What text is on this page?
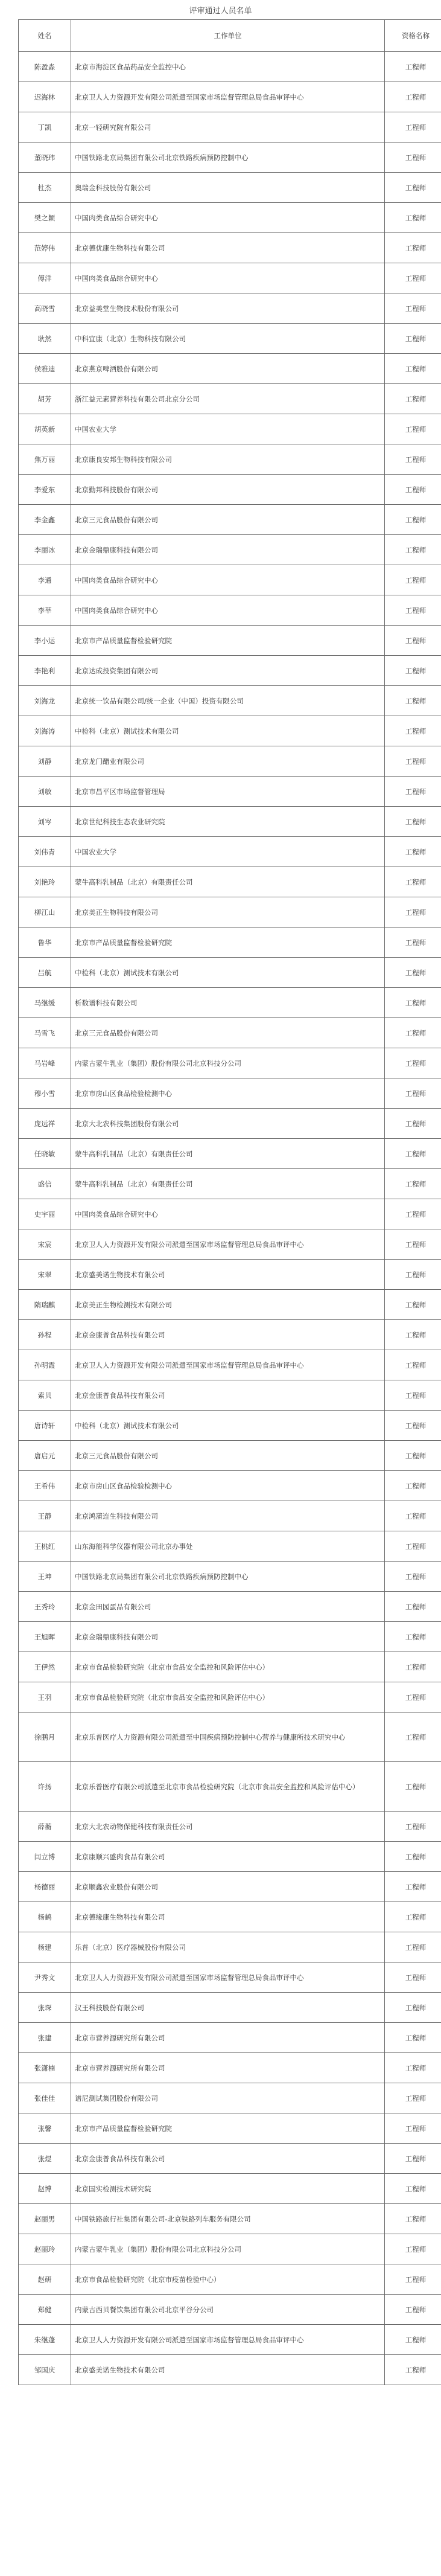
评审通过人员名单
姓名	工作单位	资格名称
陈盈淼	北京市海淀区食品药品安全监控中心	工程师
迟海林	北京卫人人力资源开发有限公司派遣至国家市场监督管理总局食品审评中心	工程师
丁凯	北京一轻研究院有限公司	工程师
董晓玮	中国铁路北京局集团有限公司北京铁路疾病预防控制中心	工程师
杜杰	奥瑞金科技股份有限公司	工程师
樊之颖	中国肉类食品综合研究中心	工程师
范婷伟	北京德优康生物科技有限公司	工程师
傅洋	中国肉类食品综合研究中心	工程师
高晓雪	北京益美堂生物技术股份有限公司	工程师
耿然	中科宜康（北京）生物科技有限公司	工程师
侯雅迪	北京燕京啤酒股份有限公司	工程师
胡芳	浙江益元素营养科技有限公司北京分公司	工程师
胡英新	中国农业大学	工程师
焦万丽	北京康良安邦生物科技有限公司	工程师
李爱东	北京勤邦科技股份有限公司	工程师
李金鑫	北京三元食品股份有限公司	工程师
李丽冰	北京金瑞鼎康科技有限公司	工程师
李通	中国肉类食品综合研究中心	工程师
李莘	中国肉类食品综合研究中心	工程师
李小运	北京市产品质量监督检验研究院	工程师
李艳利	北京达成投资集团有限公司	工程师
刘海龙	北京统一饮品有限公司/统一企业（中国）投资有限公司	工程师
刘海涛	中检科（北京）测试技术有限公司	工程师
刘静	北京龙门醋业有限公司	工程师
刘敏	北京市昌平区市场监督管理局	工程师
刘岑	北京世纪科技生态农业研究院	工程师
刘伟青	中国农业大学	工程师
刘艳玲	蒙牛高科乳制品（北京）有限责任公司	工程师
柳江山	北京美正生物科技有限公司	工程师
鲁华	北京市产品质量监督检验研究院	工程师
吕航	中检科（北京）测试技术有限公司	工程师
马继缓	析数谱科技有限公司	工程师
马雪飞	北京三元食品股份有限公司	工程师
马岩峰	内蒙古蒙牛乳业（集团）股份有限公司北京科技分公司	工程师
穆小雪	北京市房山区食品检验检测中心	工程师
庞远祥	北京大北农科技集团股份有限公司	工程师
任晓敏	蒙牛高科乳制品（北京）有限责任公司	工程师
盛信	蒙牛高科乳制品（北京）有限责任公司	工程师
史宇丽	中国肉类食品综合研究中心	工程师
宋宸	北京卫人人力资源开发有限公司派遣至国家市场监督管理总局食品审评中心	工程师
宋翠	北京盛美诺生物技术有限公司	工程师
隋瑞麒	北京美正生物检测技术有限公司	工程师
孙程	北京金康普食品科技有限公司	工程师
孙明霞	北京卫人人力资源开发有限公司派遣至国家市场监督管理总局食品审评中心	工程师
索贝	北京金康普食品科技有限公司	工程师
唐诗轩	中检科（北京）测试技术有限公司	工程师
唐启元	北京三元食品股份有限公司	工程师
王希伟	北京市房山区食品检验检测中心	工程师
王静	北京鸿蒲连生科技有限公司	工程师
王桃红	山东海能科学仪器有限公司北京办事处	工程师
王坤	中国铁路北京局集团有限公司北京铁路疾病预防控制中心	工程师
王秀玲	北京金田园蛋品有限公司	工程师
王旭晖	北京金瑞鼎康科技有限公司	工程师
王伊然	北京市食品检验研究院（北京市食品安全监控和风险评估中心）	工程师
王羽	北京市食品检验研究院（北京市食品安全监控和风险评估中心）	工程师
徐鹏月	北京乐普医疗人力资源有限公司派遣至中国疾病预防控制中心营养与健康所技术研究中心	工程师
许扬	北京乐普医疗有限公司派遣至北京市食品检验研究院（北京市食品安全监控和风险评估中心）	工程师
薛蘅	北京大北农动物保健科技有限责任公司	工程师
闫立博	北京康顺兴盛肉食品有限公司	工程师
杨德丽	北京顺鑫农业股份有限公司	工程师
杨鹤	北京德缘康生物科技有限公司	工程师
杨建	乐普（北京）医疗器械股份有限公司	工程师
尹秀文	北京卫人人力资源开发有限公司派遣至国家市场监督管理总局食品审评中心	工程师
张琛	汉王科技股份有限公司	工程师
张建	北京市营养源研究所有限公司	工程师
张潇楠	北京市营养源研究所有限公司	工程师
张佳佳	谱尼测试集团股份有限公司	工程师
张馨	北京市产品质量监督检验研究院	工程师
张煜	北京金康普食品科技有限公司	工程师
赵博	北京国实检测技术研究院	工程师
赵丽男	中国铁路旅行社集团有限公司-北京铁路列车服务有限公司	工程师
赵丽玲	内蒙古蒙牛乳业（集团）股份有限公司北京科技分公司	工程师
赵研	北京市食品检验研究院（北京市疫苗检验中心）	工程师
郑健	内蒙古西贝餐饮集团有限公司北京平谷分公司	工程师
朱继蓬	北京卫人人力资源开发有限公司派遣至国家市场监督管理总局食品审评中心	工程师
邹国庆	北京盛美诺生物技术有限公司	工程师
